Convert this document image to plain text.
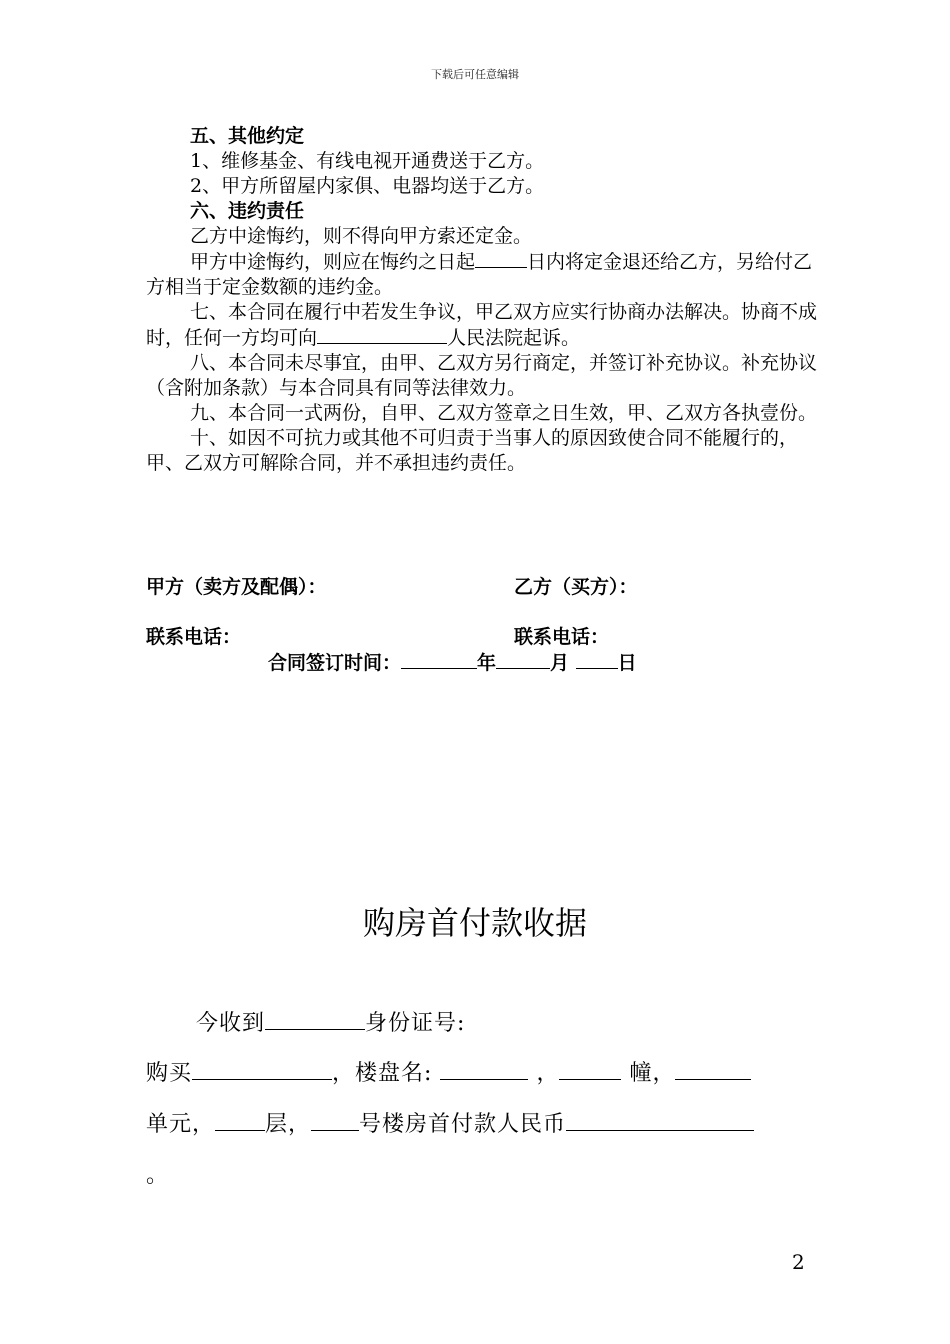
下载后可任意编辑

五、其他约定

1、维修基金、有线电视开通费送于乙方。

2、甲方所留屋内家俱、电器均送于乙方。

六、违约责任

乙方中途悔约，则不得向甲方索还定金。

甲方中途悔约，则应在悔约之日起	日内将定金退还给乙方，另给付乙方相当于定金数额的违约金。

七、本合同在履行中若发生争议，甲乙双方应实行协商办法解决。协商不成时，任何一方均可向	人民法院起诉。

八、本合同未尽事宜，由甲、乙双方另行商定，并签订补充协议。补充协议（含附加条款）与本合同具有同等法律效力。

九、本合同一式两份，自甲、乙双方签章之日生效，甲、乙双方各执壹份。

十、如因不可抗力或其他不可归责于当事人的原因致使合同不能履行的，甲、乙双方可解除合同，并不承担违约责任。

甲方（卖方及配偶）：	乙方（买方）：
联系电话：	联系电话：
合同签订时间：	年	月	日
购房首付款收据
今收到	身份证号:
购买	，楼盘名:	，	幢，
单元， 层， 号楼房首付款人民币
。
2
